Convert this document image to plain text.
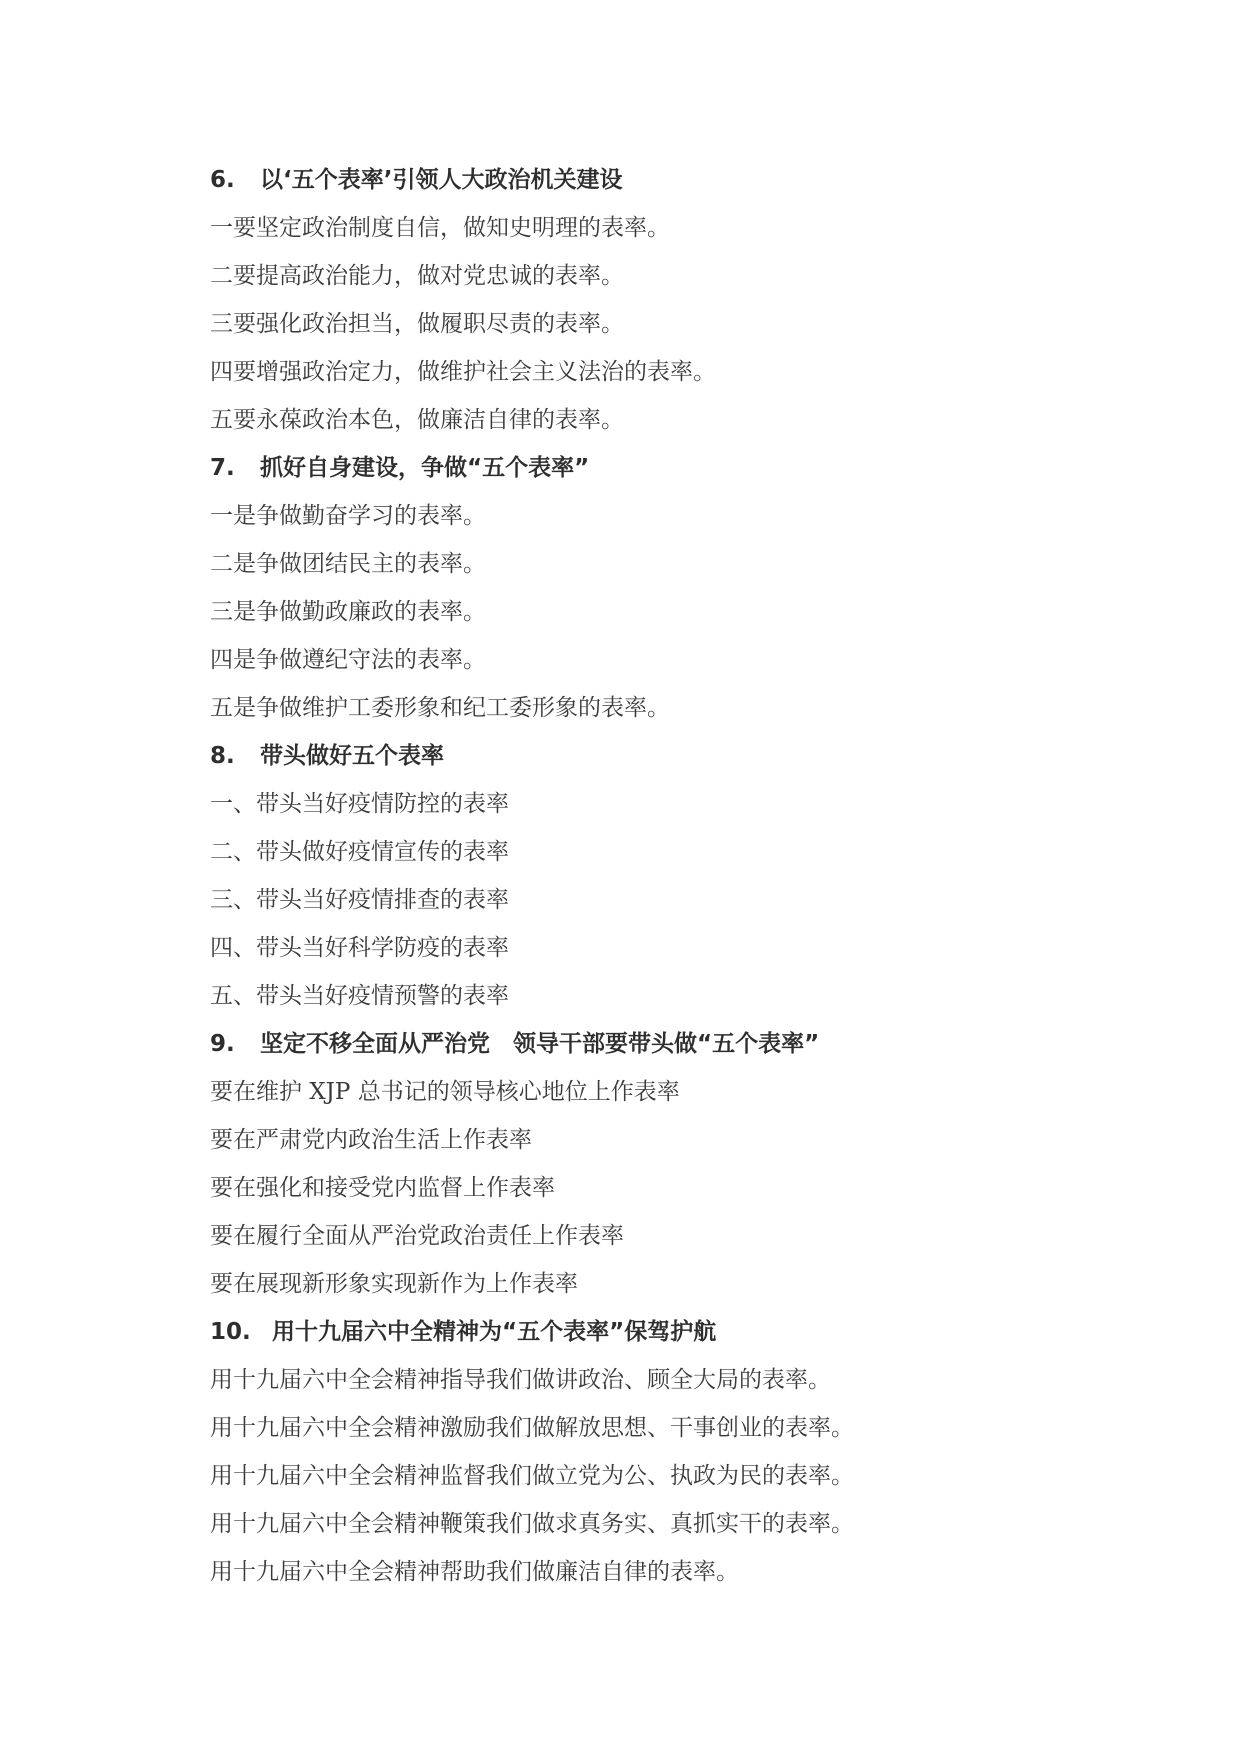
6. 以‘五个表率’引领人大政治机关建设
一要坚定政治制度自信，做知史明理的表率。
二要提高政治能力，做对党忠诚的表率。
三要强化政治担当，做履职尽责的表率。
四要增强政治定力，做维护社会主义法治的表率。
五要永葆政治本色，做廉洁自律的表率。
7. 抓好自身建设，争做“五个表率”
一是争做勤奋学习的表率。
二是争做团结民主的表率。
三是争做勤政廉政的表率。
四是争做遵纪守法的表率。
五是争做维护工委形象和纪工委形象的表率。
8. 带头做好五个表率
一、带头当好疫情防控的表率
二、带头做好疫情宣传的表率
三、带头当好疫情排查的表率
四、带头当好科学防疫的表率
五、带头当好疫情预警的表率
9. 坚定不移全面从严治党　领导干部要带头做“五个表率”
要在维护 XJP 总书记的领导核心地位上作表率
要在严肃党内政治生活上作表率
要在强化和接受党内监督上作表率
要在履行全面从严治党政治责任上作表率
要在展现新形象实现新作为上作表率
10. 用十九届六中全精神为“五个表率”保驾护航
用十九届六中全会精神指导我们做讲政治、顾全大局的表率。
用十九届六中全会精神激励我们做解放思想、干事创业的表率。
用十九届六中全会精神监督我们做立党为公、执政为民的表率。
用十九届六中全会精神鞭策我们做求真务实、真抓实干的表率。
用十九届六中全会精神帮助我们做廉洁自律的表率。
